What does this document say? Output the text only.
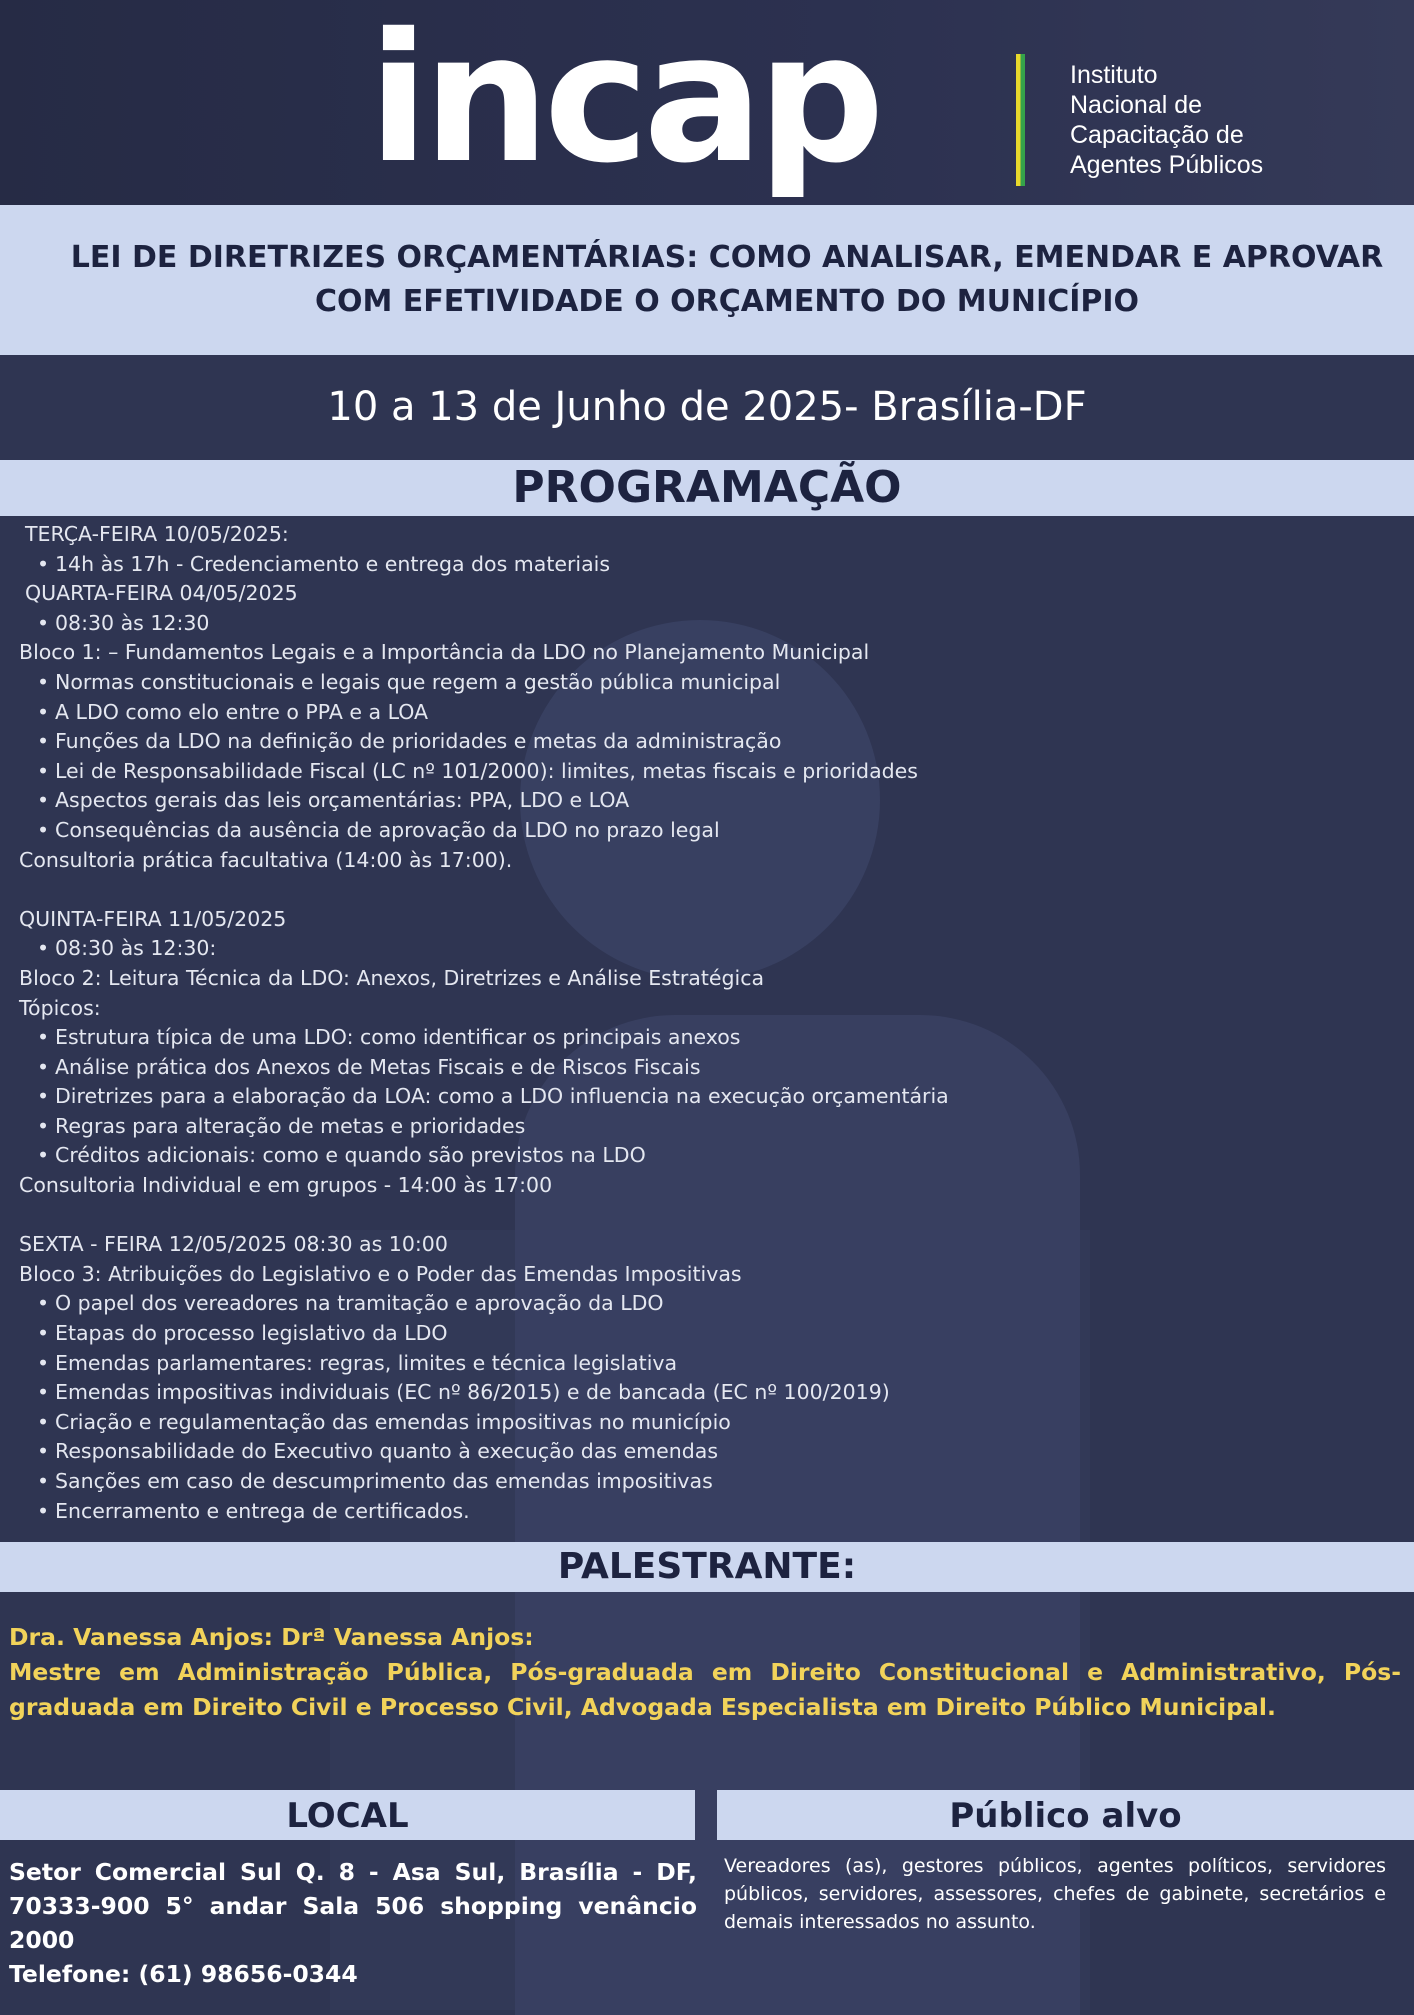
incap	Instituto
Nacional de
Capacitação de
Agentes Públicos
LEI DE DIRETRIZES ORÇAMENTÁRIAS: COMO ANALISAR, EMENDAR E APROVAR COM EFETIVIDADE O ORÇAMENTO DO MUNICÍPIO
10 a 13 de Junho de 2025- Brasília-DF
PROGRAMAÇÃO
TERÇA-FEIRA 10/05/2025:
• 14h às 17h - Credenciamento e entrega dos materiais
QUARTA-FEIRA 04/05/2025
• 08:30 às 12:30
Bloco 1: – Fundamentos Legais e a Importância da LDO no Planejamento Municipal
• Normas constitucionais e legais que regem a gestão pública municipal
• A LDO como elo entre o PPA e a LOA
• Funções da LDO na definição de prioridades e metas da administração
• Lei de Responsabilidade Fiscal (LC nº 101/2000): limites, metas fiscais e prioridades
• Aspectos gerais das leis orçamentárias: PPA, LDO e LOA
• Consequências da ausência de aprovação da LDO no prazo legal
Consultoria prática facultativa (14:00 às 17:00).
QUINTA-FEIRA 11/05/2025
• 08:30 às 12:30:
Bloco 2: Leitura Técnica da LDO: Anexos, Diretrizes e Análise Estratégica
Tópicos:
• Estrutura típica de uma LDO: como identificar os principais anexos
• Análise prática dos Anexos de Metas Fiscais e de Riscos Fiscais
• Diretrizes para a elaboração da LOA: como a LDO influencia na execução orçamentária
• Regras para alteração de metas e prioridades
• Créditos adicionais: como e quando são previstos na LDO
Consultoria Individual e em grupos - 14:00 às 17:00
SEXTA - FEIRA 12/05/2025 08:30 as 10:00
Bloco 3: Atribuições do Legislativo e o Poder das Emendas Impositivas
• O papel dos vereadores na tramitação e aprovação da LDO
• Etapas do processo legislativo da LDO
• Emendas parlamentares: regras, limites e técnica legislativa
• Emendas impositivas individuais (EC nº 86/2015) e de bancada (EC nº 100/2019)
• Criação e regulamentação das emendas impositivas no município
• Responsabilidade do Executivo quanto à execução das emendas
• Sanções em caso de descumprimento das emendas impositivas
• Encerramento e entrega de certificados.
PALESTRANTE:

Dra. Vanessa Anjos: Drª Vanessa Anjos:

Mestre em Administração Pública, Pós-graduada em Direito Constitucional e Administrativo, Pós-graduada em Direito Civil e Processo Civil, Advogada Especialista em Direito Público Municipal.

LOCAL	Público alvo

Setor Comercial Sul Q. 8 - Asa Sul, Brasília - DF, 70333-900 5° andar Sala 506 shopping venâncio 2000

Telefone: (61) 98656-0344

Vereadores (as), gestores públicos, agentes políticos, servidores públicos, servidores, assessores, chefes de gabinete, secretários e demais interessados no assunto.
